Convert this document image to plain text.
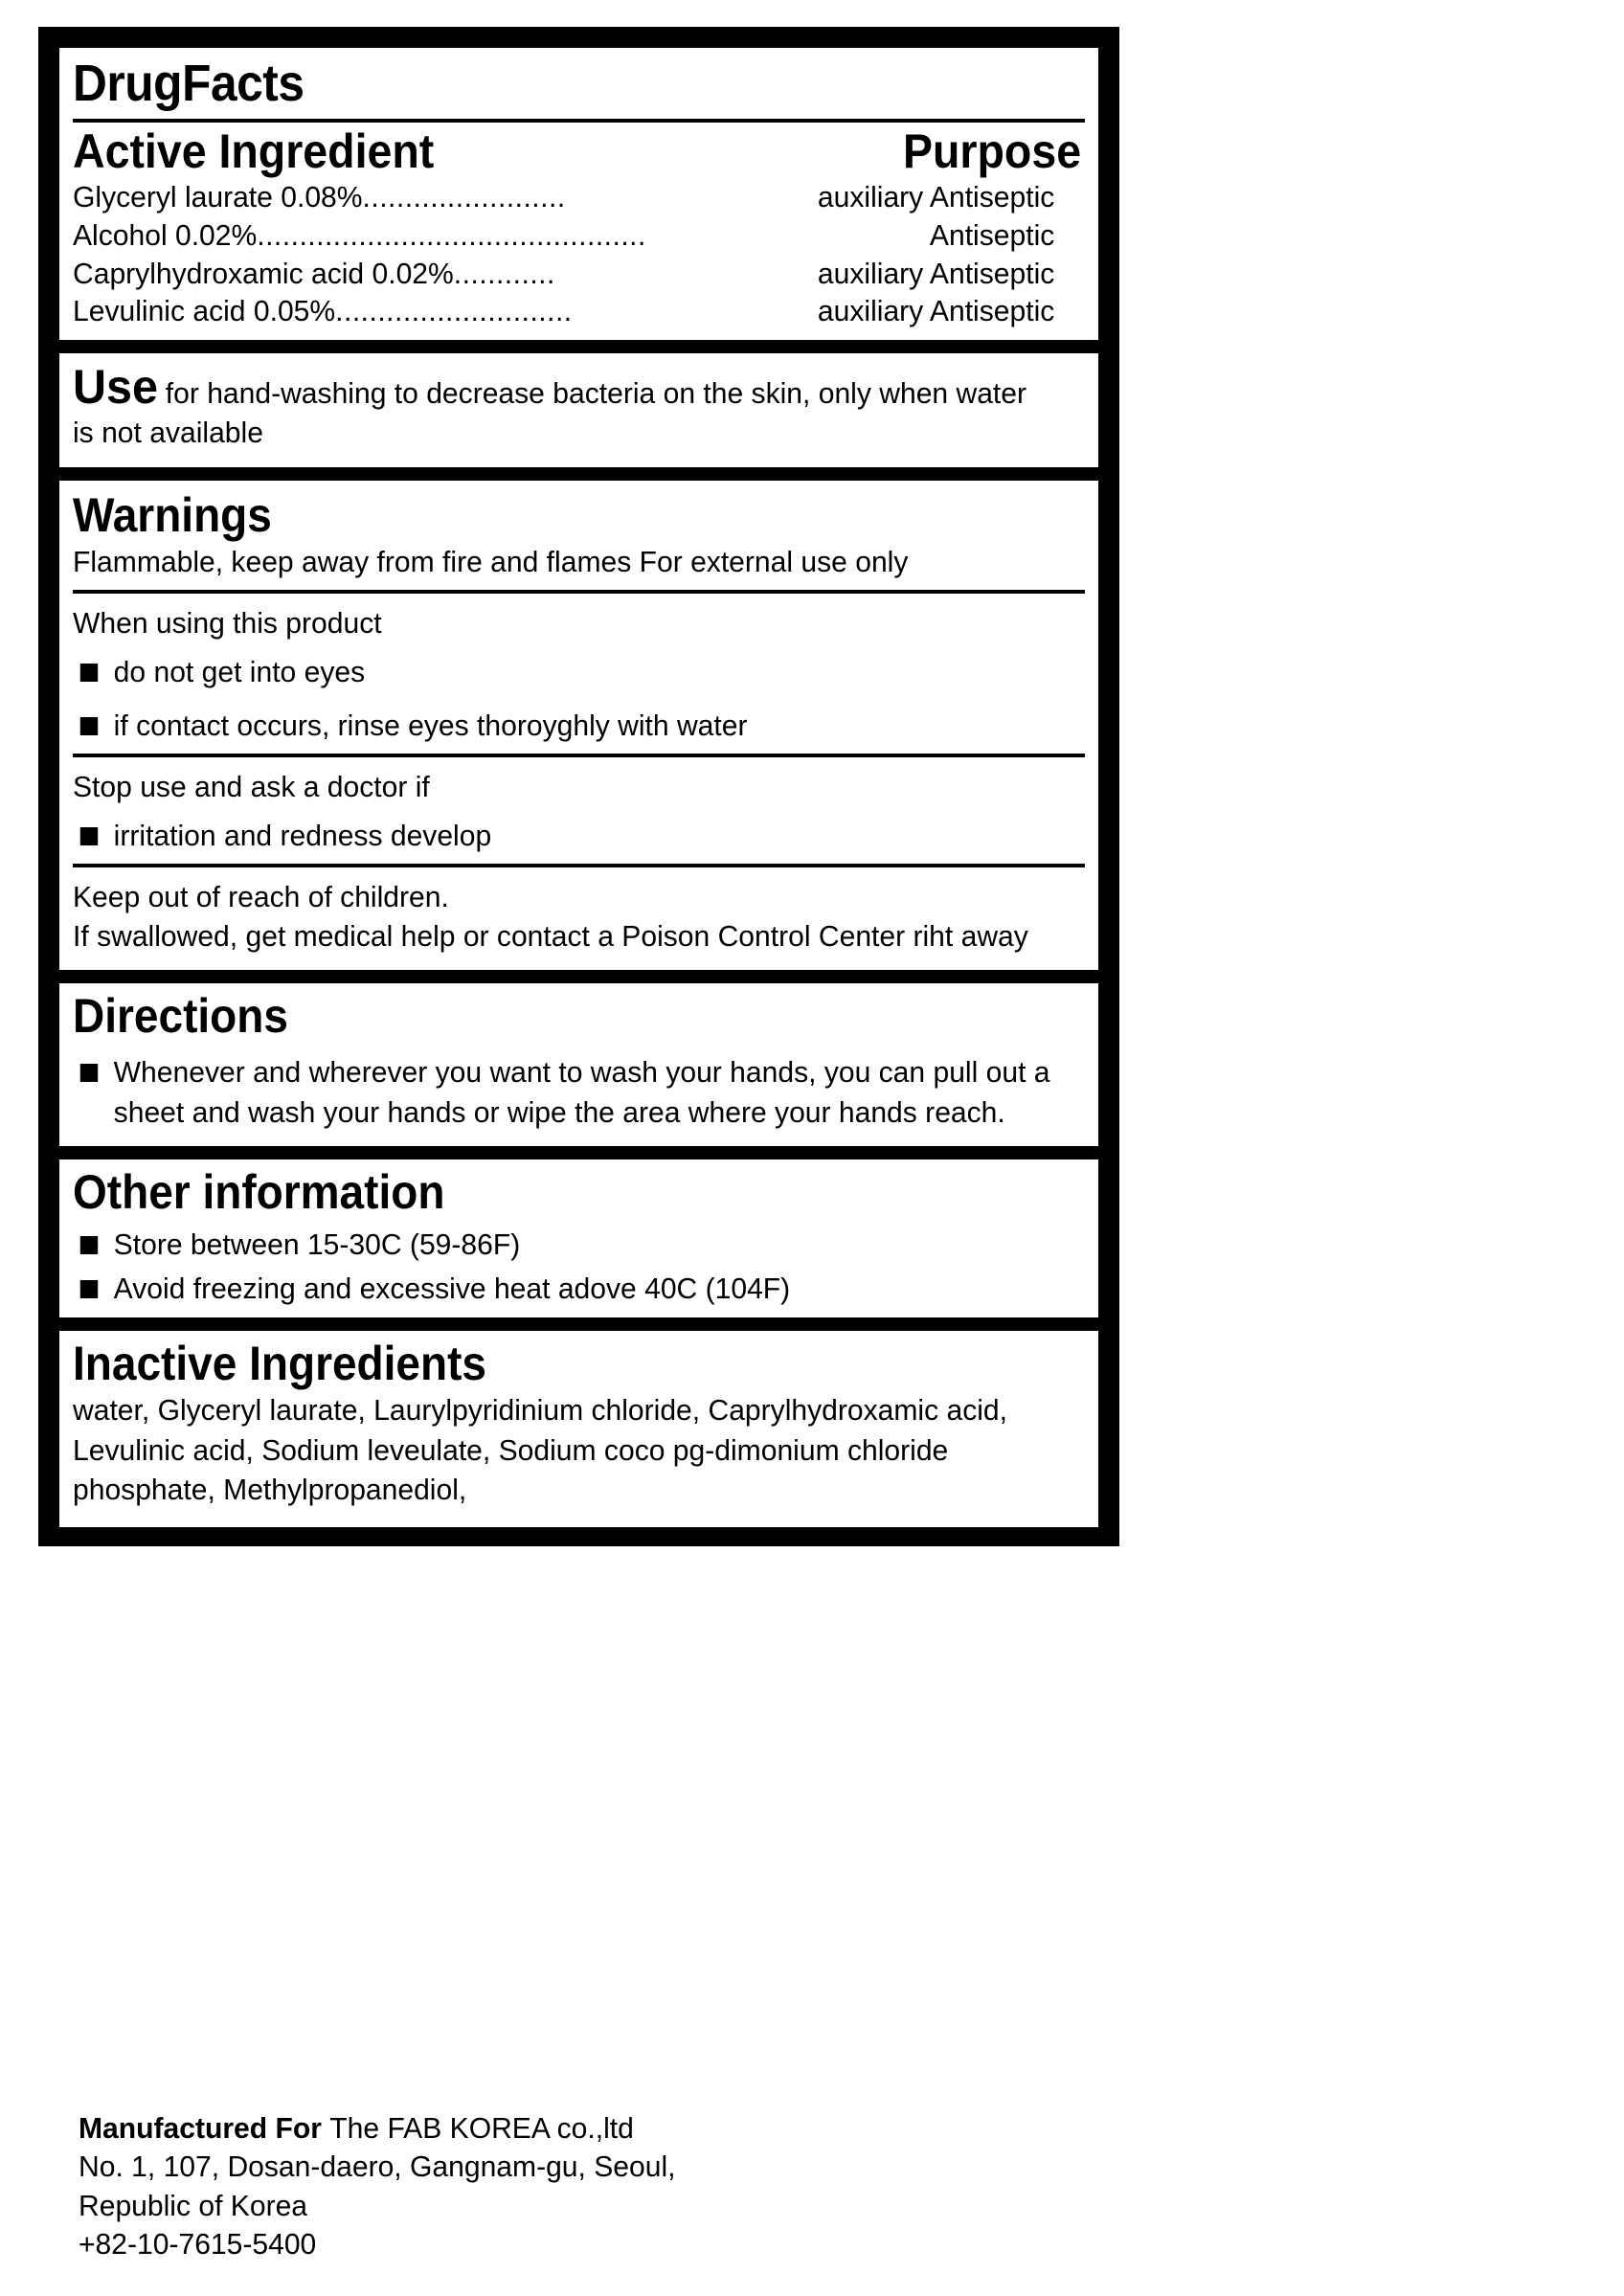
DrugFacts
Active Ingredient	Purpose
Glyceryl laurate 0.08% ........................	auxiliary Antiseptic
Alcohol 0.02% ..............................................	Antiseptic
Caprylhydroxamic acid 0.02% ............	auxiliary Antiseptic
Levulinic acid 0.05% ............................	auxiliary Antiseptic
Use for hand-washing to decrease bacteria on the skin, only when water is not available
Warnings
Flammable, keep away from fire and flames For external use only
When using this product
do not get into eyes
if contact occurs, rinse eyes thoroyghly with water
Stop use and ask a doctor if
irritation and redness develop
Keep out of reach of children.
If swallowed, get medical help or contact a Poison Control Center riht away
Directions
Whenever and wherever you want to wash your hands, you can pull out a sheet and wash your hands or wipe the area where your hands reach.
Other information
Store between 15-30C (59-86F)
Avoid freezing and excessive heat adove 40C (104F)
Inactive Ingredients
water, Glyceryl laurate, Laurylpyridinium chloride, Caprylhydroxamic acid, Levulinic acid, Sodium leveulate, Sodium coco pg-dimonium chloride phosphate, Methylpropanediol,

Manufactured For The FAB KOREA co.,ltd

No. 1, 107, Dosan-daero, Gangnam-gu, Seoul,

Republic of Korea

+82-10-7615-5400
